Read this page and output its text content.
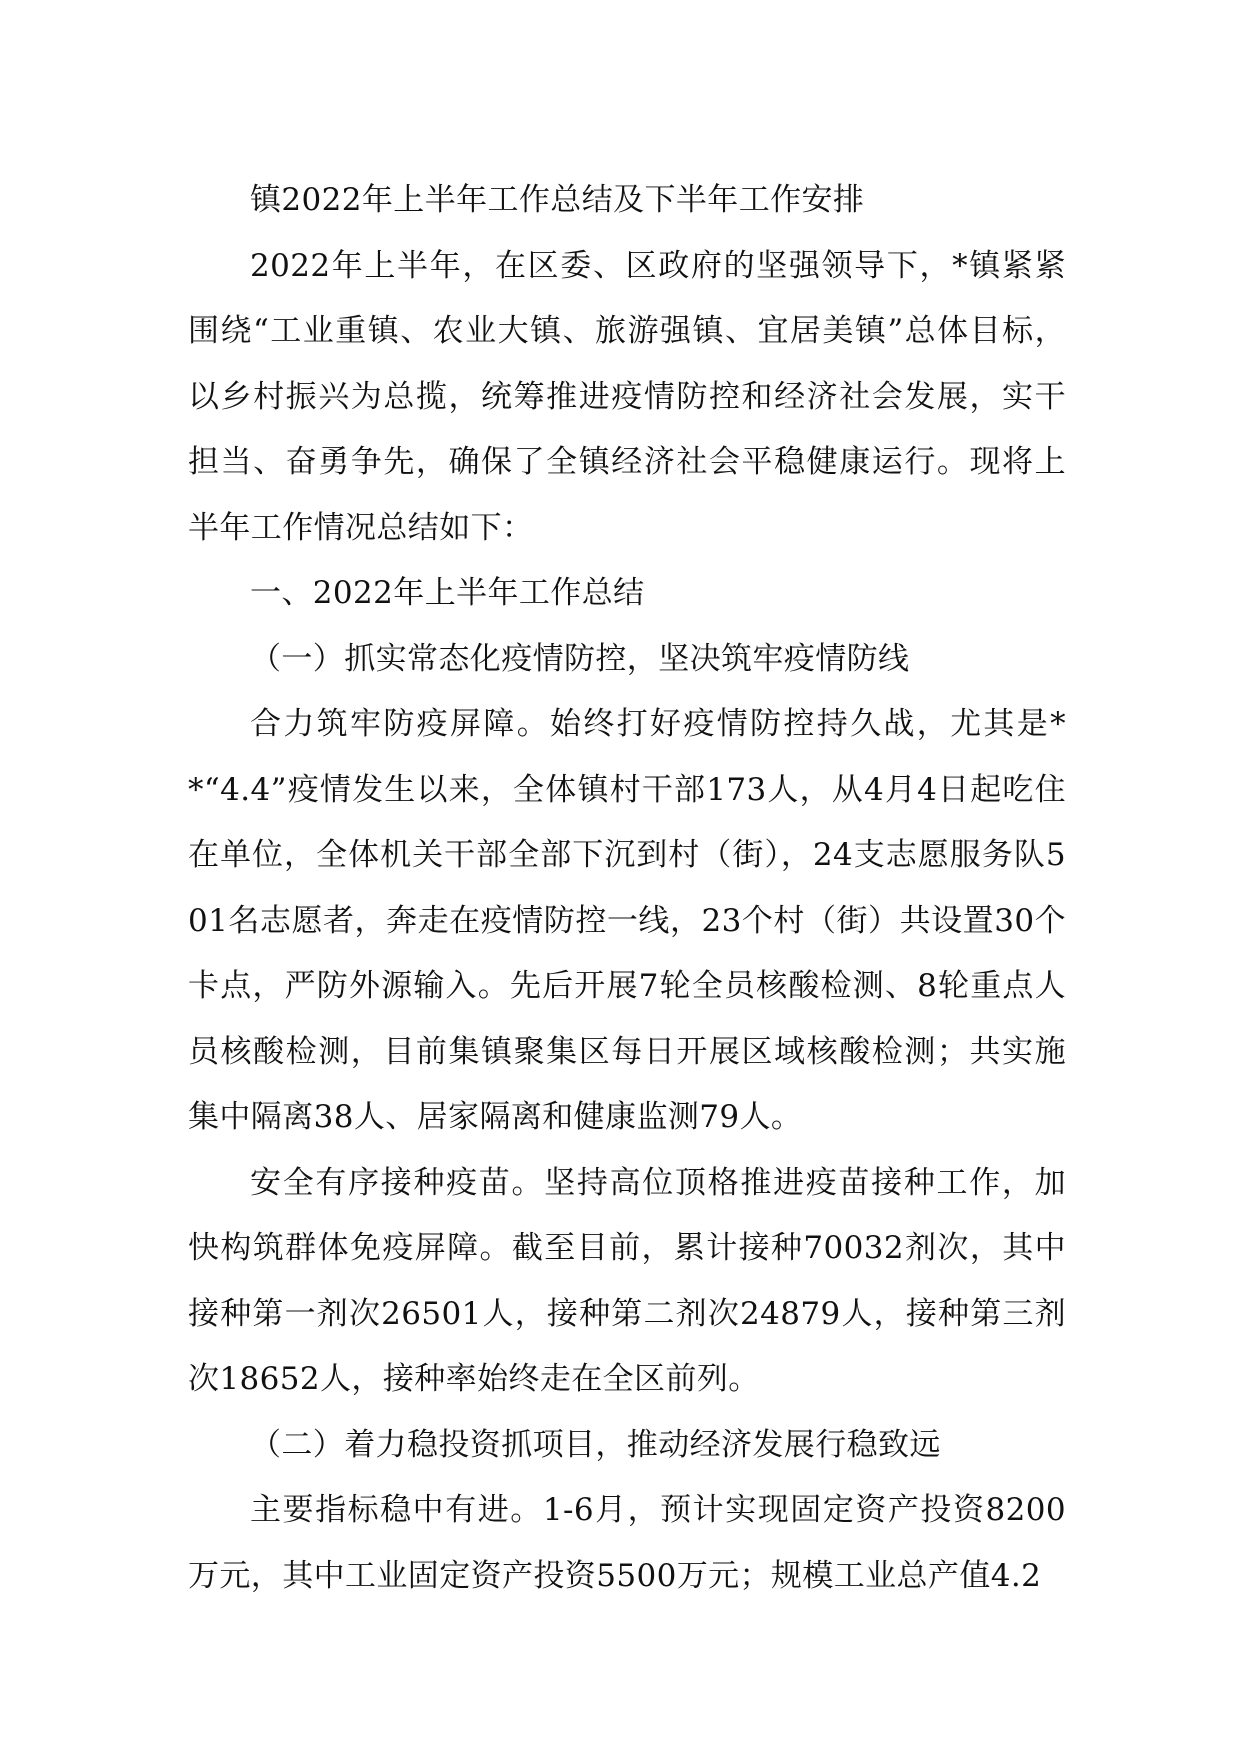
镇2022年上半年工作总结及下半年工作安排

2022年上半年，在区委、区政府的坚强领导下，*镇紧紧围绕“工业重镇、农业大镇、旅游强镇、宜居美镇”总体目标，以乡村振兴为总揽，统筹推进疫情防控和经济社会发展，实干担当、奋勇争先，确保了全镇经济社会平稳健康运行。现将上半年工作情况总结如下：

一、2022年上半年工作总结

（一）抓实常态化疫情防控，坚决筑牢疫情防线

合力筑牢防疫屏障。始终打好疫情防控持久战，尤其是**“4.4”疫情发生以来，全体镇村干部173人，从4月4日起吃住在单位，全体机关干部全部下沉到村（街），24支志愿服务队501名志愿者，奔走在疫情防控一线，23个村（街）共设置30个卡点，严防外源输入。先后开展7轮全员核酸检测、8轮重点人员核酸检测，目前集镇聚集区每日开展区域核酸检测；共实施集中隔离38人、居家隔离和健康监测79人。

安全有序接种疫苗。坚持高位顶格推进疫苗接种工作，加快构筑群体免疫屏障。截至目前，累计接种70032剂次，其中接种第一剂次26501人，接种第二剂次24879人，接种第三剂次18652人，接种率始终走在全区前列。

（二）着力稳投资抓项目，推动经济发展行稳致远

主要指标稳中有进。1-6月，预计实现固定资产投资8200万元，其中工业固定资产投资5500万元；规模工业总产值4.2
